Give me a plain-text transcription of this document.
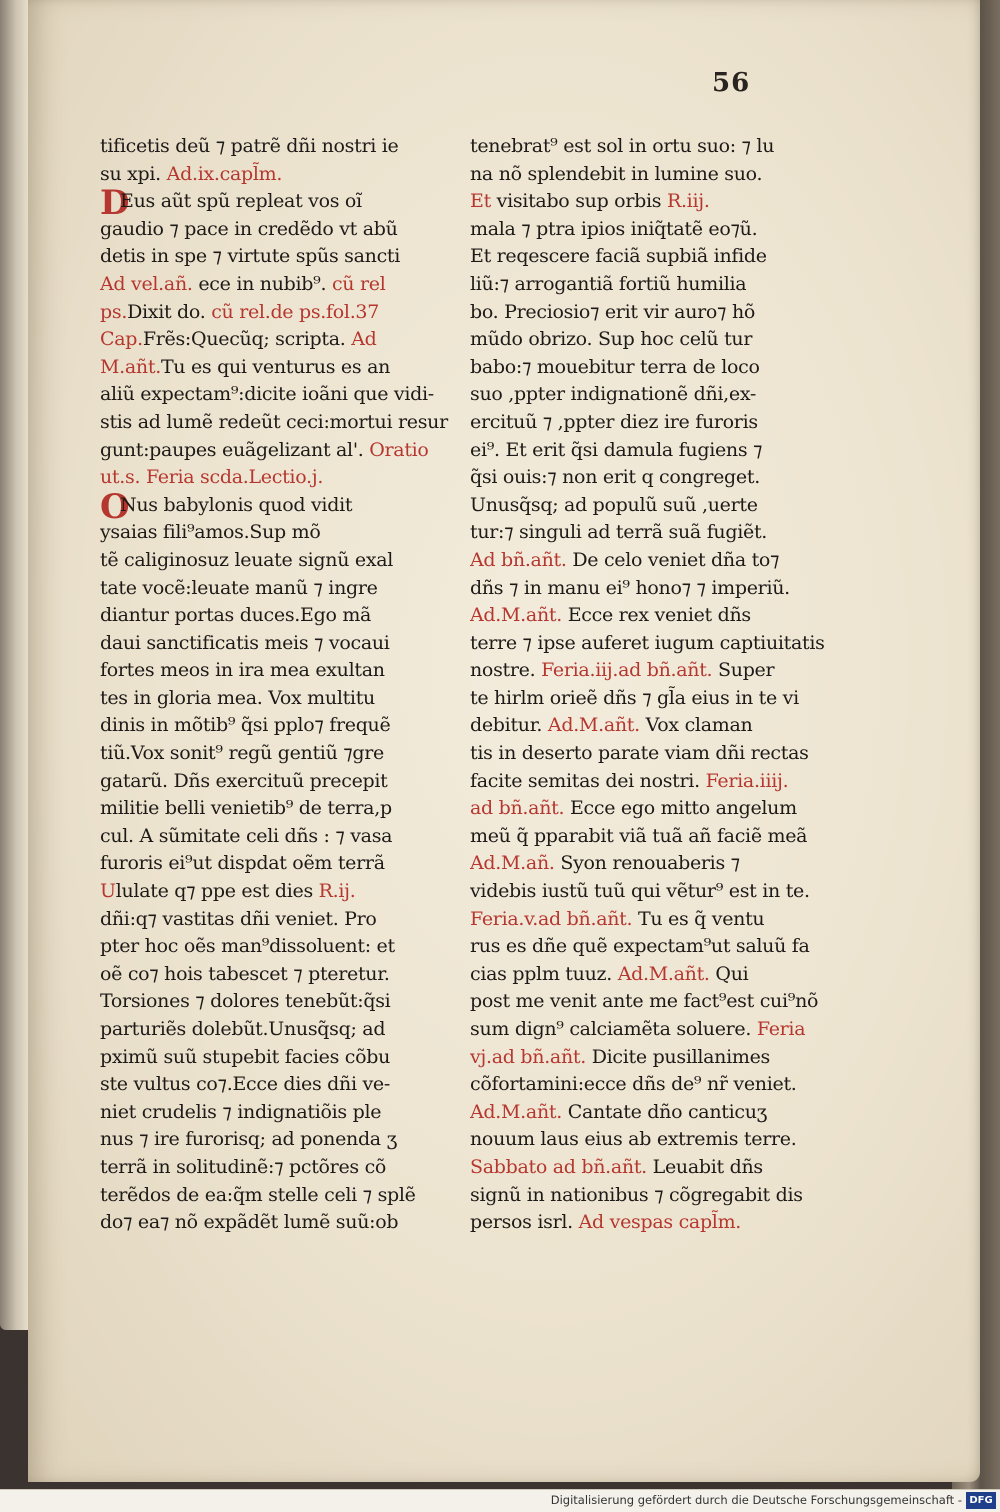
56
tificetis deũ ⁊ patrẽ dñi nostri ie
su xpi. Ad.ix.capl̃m.
DEus aũt spũ repleat vos oĩ
gaudio ⁊ pace in credẽdo vt abũ
detis in spe ⁊ virtute spũs sancti
Ad vel.añ. ece in nubib⁹. cũ rel
ps.Dixit do. cũ rel.de ps.fol.37
Cap.Frẽs:Quecũq; scripta. Ad
M.añt.Tu es qui venturus es an
aliũ expectam⁹:dicite ioãni que vidi-
stis ad lumẽ redeũt ceci:mortui resur
gunt:paupes euãgelizant al'. Oratio
ut.s. Feria scda.Lectio.j.
ONus babylonis quod vidit
ysaias fili⁹amos.Sup mõ
tẽ caliginosuz leuate signũ exal
tate vocẽ:leuate manũ ⁊ ingre
diantur portas duces.Ego mã
daui sanctificatis meis ⁊ vocaui
fortes meos in ira mea exultan
tes in gloria mea. Vox multitu
dinis in mõtib⁹ q̃si pplo⁊ frequẽ
tiũ.Vox sonit⁹ regũ gentiũ ⁊gre
gatarũ. Dñs exercituũ precepit
militie belli venietib⁹ de terra,p
cul. A sũmitate celi dñs : ⁊ vasa
furoris ei⁹ut dispdat oẽm terrã
Ululate q⁊ ppe est dies R.ij.
dñi:q⁊ vastitas dñi veniet. Pro
pter hoc oẽs man⁹dissoluent: et
oẽ co⁊ hois tabescet ⁊ pteretur.
Torsiones ⁊ dolores tenebũt:q̃si
parturiẽs dolebũt.Unusq̃sq; ad
pximũ suũ stupebit facies cõbu
ste vultus co⁊.Ecce dies dñi ve-
niet crudelis ⁊ indignatiõis ple
nus ⁊ ire furorisq; ad ponenda ʒ
terrã in solitudinẽ:⁊ pctõres cõ
terẽdos de ea:q̃m stelle celi ⁊ splẽ
do⁊ ea⁊ nõ expãdẽt lumẽ suũ:ob
tenebrat⁹ est sol in ortu suo: ⁊ lu
na nõ splendebit in lumine suo.
Et visitabo sup orbis R.iij.
mala ⁊ ptra ipios iniq̃tatẽ eo⁊ũ.
Et reqescere faciã supbiã infide
liũ:⁊ arrogantiã fortiũ humilia
bo. Preciosio⁊ erit vir auro⁊ hõ
mũdo obrizo. Sup hoc celũ tur
babo:⁊ mouebitur terra de loco
suo ,ppter indignationẽ dñi,ex-
ercituũ ⁊ ,ppter diez ire furoris
ei⁹. Et erit q̃si damula fugiens ⁊
q̃si ouis:⁊ non erit q congreget.
Unusq̃sq; ad populũ suũ ,uerte
tur:⁊ singuli ad terrã suã fugiẽt.
Ad bñ.añt. De celo veniet dña to⁊
dñs ⁊ in manu ei⁹ hono⁊ ⁊ imperiũ.
Ad.M.añt. Ecce rex veniet dñs
terre ⁊ ipse auferet iugum captiuitatis
nostre. Feria.iij.ad bñ.añt. Super
te hirlm orieẽ dñs ⁊ gl̃a eius in te vi
debitur. Ad.M.añt. Vox claman
tis in deserto parate viam dñi rectas
facite semitas dei nostri. Feria.iiij.
ad bñ.añt. Ecce ego mitto angelum
meũ q̃ pparabit viã tuã añ faciẽ meã
Ad.M.añ. Syon renouaberis ⁊
videbis iustũ tuũ qui vẽtur⁹ est in te.
Feria.v.ad bñ.añt. Tu es q̃ ventu
rus es dñe quẽ expectam⁹ut saluũ fa
cias pplm tuuz. Ad.M.añt. Qui
post me venit ante me fact⁹est cui⁹nõ
sum dign⁹ calciamẽta soluere. Feria
vj.ad bñ.añt. Dicite pusillanimes
cõfortamini:ecce dñs de⁹ nr̃ veniet.
Ad.M.añt. Cantate dño canticuʒ
nouum laus eius ab extremis terre.
Sabbato ad bñ.añt. Leuabit dñs
signũ in nationibus ⁊ cõgregabit dis
persos isrl. Ad vespas capl̃m.
Digitalisierung gefördert durch die Deutsche Forschungsgemeinschaft - DFG
